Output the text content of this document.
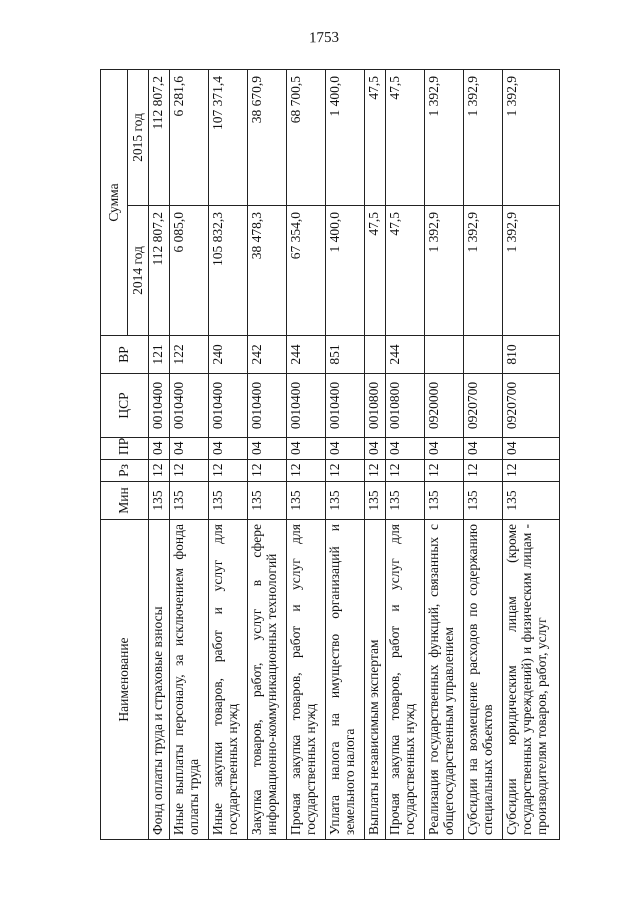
1753
Наименование	Мин	Рз	ПР	ЦСР	ВР	Сумма	
						2014 год	2015 год
Фонд оплаты труда и страховые взносы	135	12	04	0010400	121	112 807,2	112 807,2
Иные выплаты персоналу, за исключением фонда оплаты труда	135	12	04	0010400	122	6 085,0	6 281,6
Иные закупки товаров, работ и услуг для государственных нужд	135	12	04	0010400	240	105 832,3	107 371,4
Закупка товаров, работ, услуг в сфере информационно-коммуникационных технологий	135	12	04	0010400	242	38 478,3	38 670,9
Прочая закупка товаров, работ и услуг для государственных нужд	135	12	04	0010400	244	67 354,0	68 700,5
Уплата налога на имущество организаций и земельного налога	135	12	04	0010400	851	1 400,0	1 400,0
Выплаты независимым экспертам	135	12	04	0010800		47,5	47,5
Прочая закупка товаров, работ и услуг для государственных нужд	135	12	04	0010800	244	47,5	47,5
Реализация государственных функций, связанных с общегосударственным управлением	135	12	04	0920000		1 392,9	1 392,9
Субсидии на возмещение расходов по содержанию специальных объектов	135	12	04	0920700		1 392,9	1 392,9
Субсидии юридическим лицам (кроме государственных учреждений) и физическим лицам - производителям товаров, работ, услуг	135	12	04	0920700	810	1 392,9	1 392,9
